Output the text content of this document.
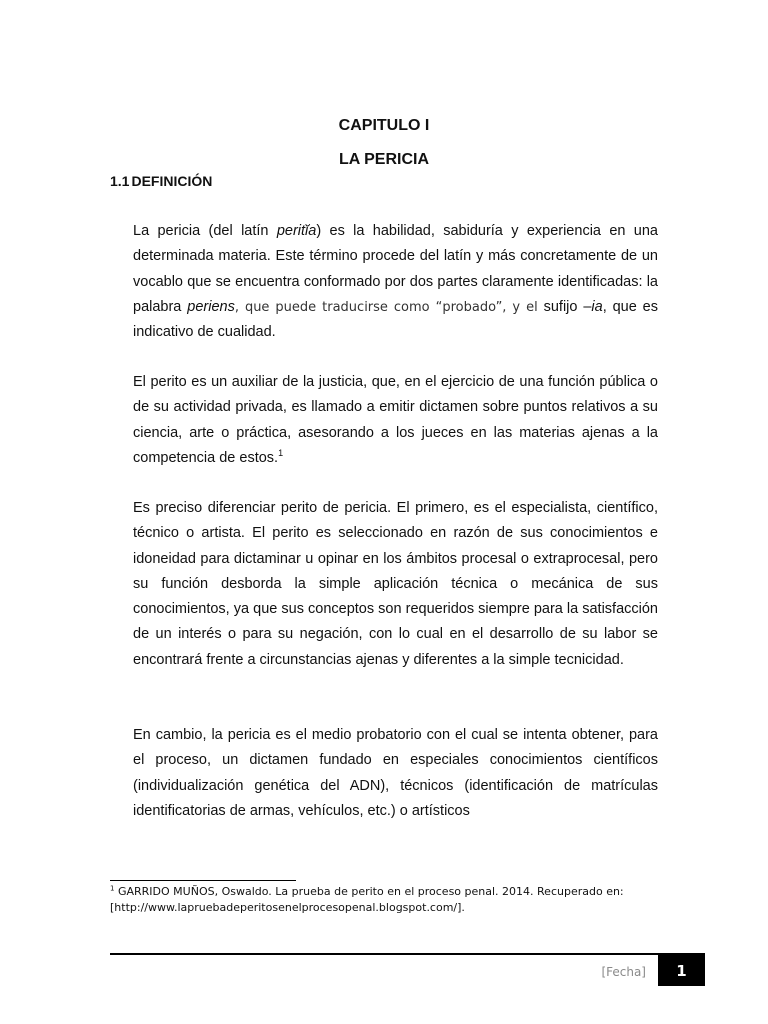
CAPITULO I
LA PERICIA
1.1 DEFINICIÓN

La pericia (del latín peritĭa) es la habilidad, sabiduría y experiencia en una determinada materia. Este término procede del latín y más concretamente de un vocablo que se encuentra conformado por dos partes claramente identificadas: la palabra periens, que puede traducirse como “probado”, y el sufijo –ia, que es indicativo de cualidad.

El perito es un auxiliar de la justicia, que, en el ejercicio de una función pública o de su actividad privada, es llamado a emitir dictamen sobre puntos relativos a su ciencia, arte o práctica, asesorando a los jueces en las materias ajenas a la competencia de estos.$^1$

Es preciso diferenciar perito de pericia. El primero, es el especialista, científico, técnico o artista. El perito es seleccionado en razón de sus conocimientos e idoneidad para dictaminar u opinar en los ámbitos procesal o extraprocesal, pero su función desborda la simple aplicación técnica o mecánica de sus conocimientos, ya que sus conceptos son requeridos siempre para la satisfacción de un interés o para su negación, con lo cual en el desarrollo de su labor se encontrará frente a circunstancias ajenas y diferentes a la simple tecnicidad.

En cambio, la pericia es el medio probatorio con el cual se intenta obtener, para el proceso, un dictamen fundado en especiales conocimientos científicos (individualización genética del ADN), técnicos (identificación de matrículas identificatorias de armas, vehículos, etc.) o artísticos

$^1$ GARRIDO MUÑOS, Oswaldo. La prueba de perito en el proceso penal. 2014. Recuperado en:
[http://www.lapruebadeperitosenelprocesopenal.blogspot.com/].
[Fecha] 1
